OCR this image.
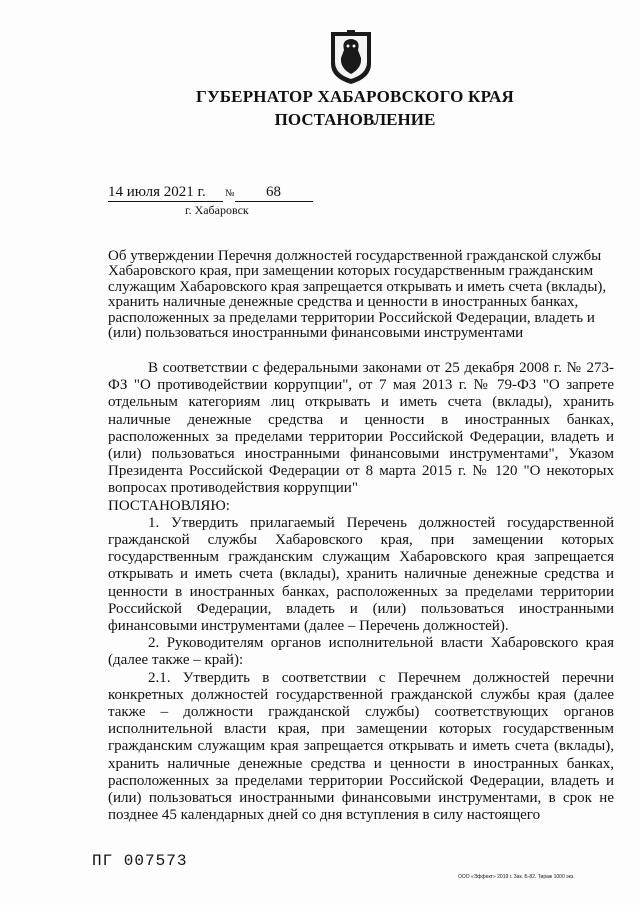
ГУБЕРНАТОР ХАБАРОВСКОГО КРАЯ
ПОСТАНОВЛЕНИЕ
14 июля 2021 г. № 68
г. Хабаровск
Об утверждении Перечня должностей государственной гражданской службы Хабаровского края, при замещении которых государственным гражданским служащим Хабаровского края запрещается открывать и иметь счета (вклады), хранить наличные денежные средства и ценности в иностранных банках, расположенных за пределами территории Российской Федерации, владеть и (или) пользоваться иностранными финансовыми инструментами

В соответствии с федеральными законами от 25 декабря 2008 г. № 273-ФЗ "О противодействии коррупции", от 7 мая 2013 г. № 79-ФЗ "О запрете отдельным категориям лиц открывать и иметь счета (вклады), хранить наличные денежные средства и ценности в иностранных банках, расположенных за пределами территории Российской Федерации, владеть и (или) пользоваться иностранными финансовыми инструментами", Указом Президента Российской Федерации от 8 марта 2015 г. № 120 "О некоторых вопросах противодействия коррупции"

ПОСТАНОВЛЯЮ:

1. Утвердить прилагаемый Перечень должностей государственной гражданской службы Хабаровского края, при замещении которых государственным гражданским служащим Хабаровского края запрещается открывать и иметь счета (вклады), хранить наличные денежные средства и ценности в иностранных банках, расположенных за пределами территории Российской Федерации, владеть и (или) пользоваться иностранными финансовыми инструментами (далее – Перечень должностей).

2. Руководителям органов исполнительной власти Хабаровского края (далее также – край):

2.1. Утвердить в соответствии с Перечнем должностей перечни конкретных должностей государственной гражданской службы края (далее также – должности гражданской службы) соответствующих органов исполнительной власти края, при замещении которых государственным гражданским служащим края запрещается открывать и иметь счета (вклады), хранить наличные денежные средства и ценности в иностранных банках, расположенных за пределами территории Российской Федерации, владеть и (или) пользоваться иностранными финансовыми инструментами, в срок не позднее 45 календарных дней со дня вступления в силу настоящего

ПГ 007573
ООО «Эффект» 2019 г. Зак. Б-82. Тираж 1000 экз.
